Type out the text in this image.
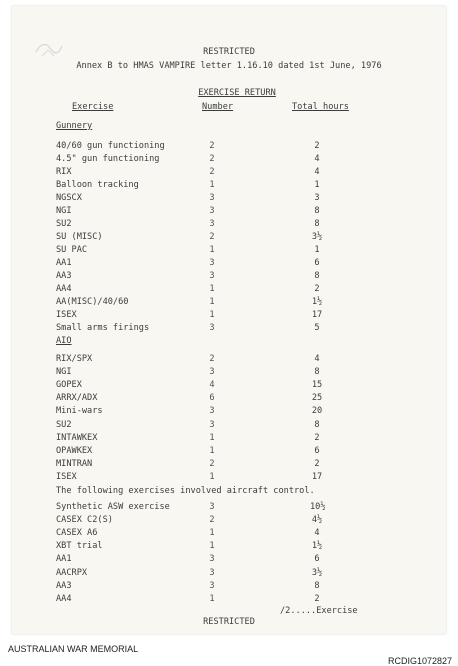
RESTRICTED
Annex B to HMAS VAMPIRE letter 1.16.10 dated 1st June, 1976
EXERCISE RETURN
Exercise	Number	Total hours
Gunnery
40/60 gun functioning	2	2
4.5" gun functioning	2	4
RIX	2	4
Balloon tracking	1	1
NGSCX	3	3
NGI	3	8
SU2	3	8
SU (MISC)	2	3½
SU PAC	1	1
AA1	3	6
AA3	3	8
AA4	1	2
AA(MISC)/40/60	1	1½
ISEX	1	17
Small arms firings	3	5
AIO
RIX/SPX	2	4
NGI	3	8
GOPEX	4	15
ARRX/ADX	6	25
Mini-wars	3	20
SU2	3	8
INTAWKEX	1	2
OPAWKEX	1	6
MINTRAN	2	2
ISEX	1	17
The following exercises involved aircraft control.
Synthetic ASW exercise	3	10½
CASEX C2(S)	2	4½
CASEX A6	1	4
XBT trial	1	1½
AA1	3	6
AACRPX	3	3½
AA3	3	8
AA4	1	2
/2.....Exercise
RESTRICTED
AUSTRALIAN WAR MEMORIAL
RCDIG1072827
